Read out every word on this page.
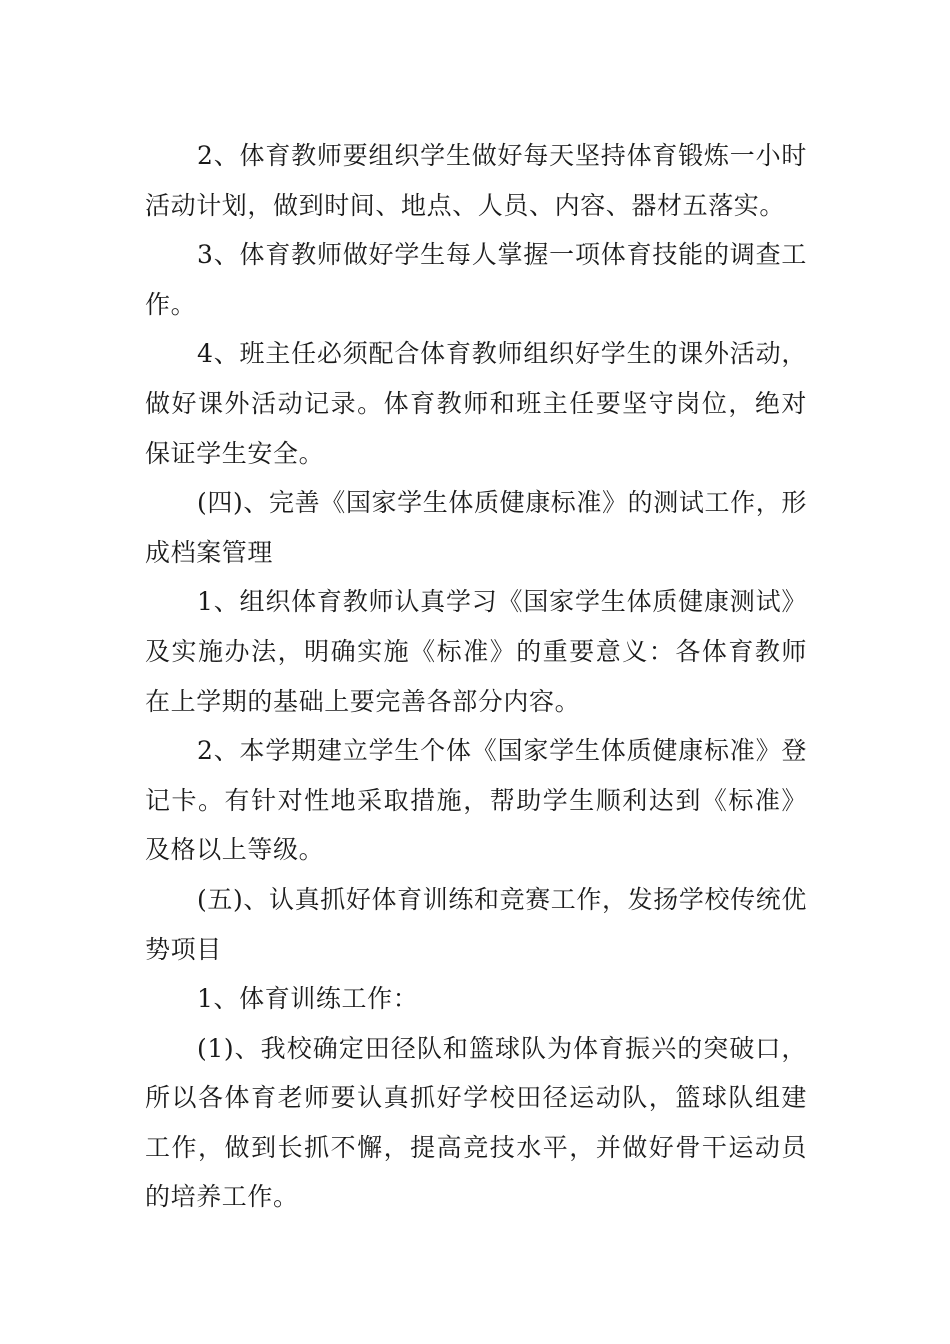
2、体育教师要组织学生做好每天坚持体育锻炼一小时活动计划，做到时间、地点、人员、内容、器材五落实。

3、体育教师做好学生每人掌握一项体育技能的调查工作。

4、班主任必须配合体育教师组织好学生的课外活动，做好课外活动记录。体育教师和班主任要坚守岗位，绝对保证学生安全。

(四)、完善《国家学生体质健康标准》的测试工作，形成档案管理

1、组织体育教师认真学习《国家学生体质健康测试》及实施办法，明确实施《标准》的重要意义：各体育教师在上学期的基础上要完善各部分内容。

2、本学期建立学生个体《国家学生体质健康标准》登记卡。有针对性地采取措施，帮助学生顺利达到《标准》及格以上等级。

(五)、认真抓好体育训练和竞赛工作，发扬学校传统优势项目

1、体育训练工作：

(1)、我校确定田径队和篮球队为体育振兴的突破口，所以各体育老师要认真抓好学校田径运动队，篮球队组建工作，做到长抓不懈，提高竞技水平，并做好骨干运动员的培养工作。
